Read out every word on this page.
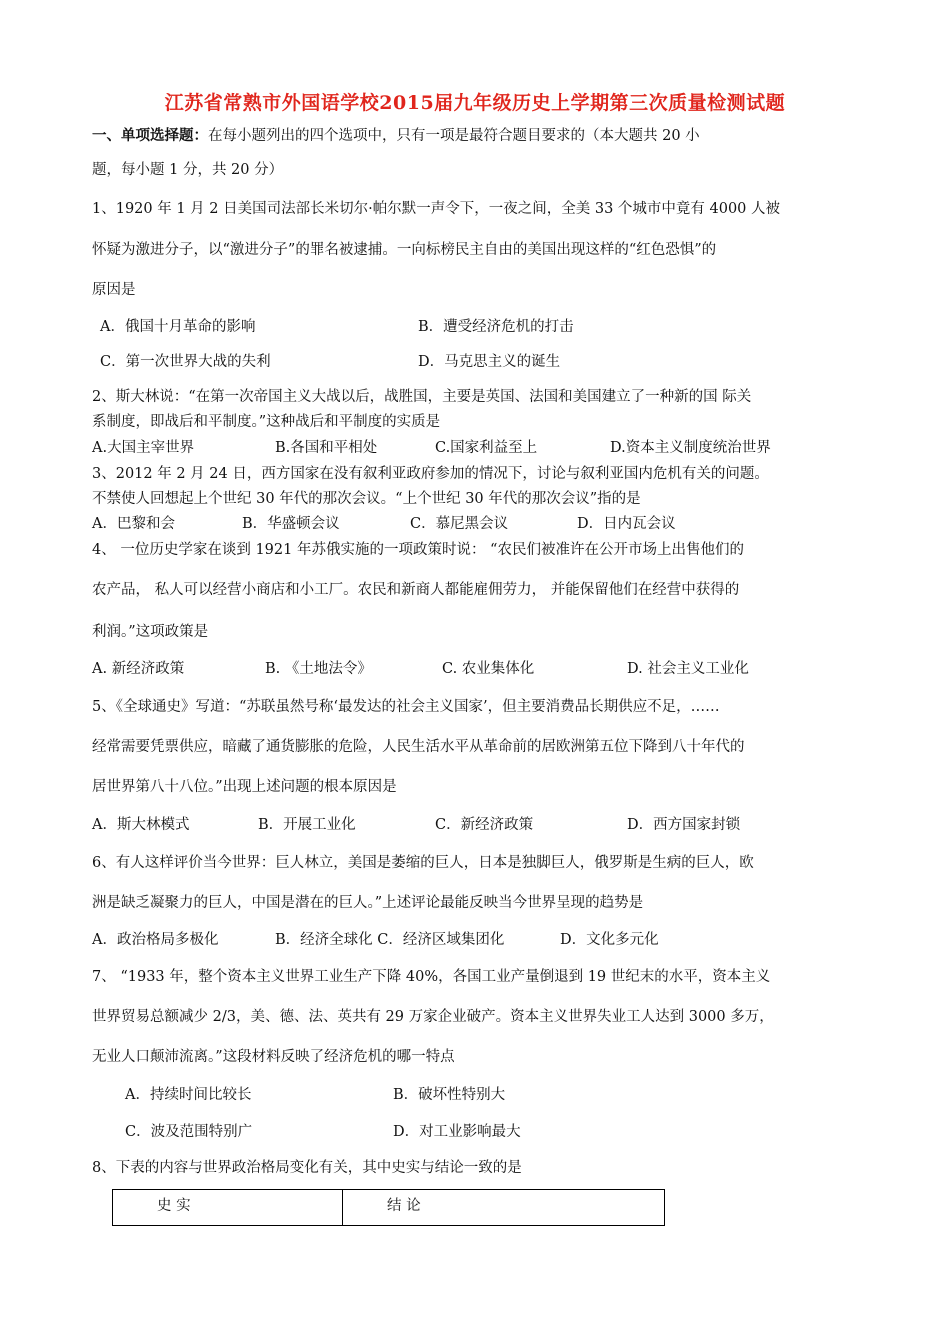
江苏省常熟市外国语学校2015届九年级历史上学期第三次质量检测试题
一、单项选择题：在每小题列出的四个选项中，只有一项是最符合题目要求的（本大题共 20 小
题，每小题 1 分，共 20 分）
1、1920 年 1 月 2 日美国司法部长米切尔·帕尔默一声令下，一夜之间，全美 33 个城市中竟有 4000 人被
怀疑为激进分子，以“激进分子”的罪名被逮捕。一向标榜民主自由的美国出现这样的“红色恐惧”的
原因是
A．俄国十月革命的影响	B．遭受经济危机的打击
C．第一次世界大战的失利	D．马克思主义的诞生
2、斯大林说：“在第一次帝国主义大战以后，战胜国，主要是英国、法国和美国建立了一种新的国 际关
系制度，即战后和平制度。”这种战后和平制度的实质是
A.大国主宰世界	B.各国和平相处	C.国家利益至上	D.资本主义制度统治世界
3、2012 年 2 月 24 日，西方国家在没有叙利亚政府参加的情况下，讨论与叙利亚国内危机有关的问题。
不禁使人回想起上个世纪 30 年代的那次会议。“上个世纪 30 年代的那次会议”指的是
A．巴黎和会	B．华盛顿会议	C．慕尼黑会议	D．日内瓦会议
4、 一位历史学家在谈到 1921 年苏俄实施的一项政策时说： “农民们被准许在公开市场上出售他们的
农产品， 私人可以经营小商店和小工厂。农民和新商人都能雇佣劳力， 并能保留他们在经营中获得的
利润。”这项政策是
A. 新经济政策	B. 《土地法令》	C. 农业集体化	D. 社会主义工业化
5、《全球通史》写道：“苏联虽然号称‘最发达的社会主义国家’，但主要消费品长期供应不足，……
经常需要凭票供应，暗藏了通货膨胀的危险，人民生活水平从革命前的居欧洲第五位下降到八十年代的
居世界第八十八位。”出现上述问题的根本原因是
A．斯大林模式	B．开展工业化	C．新经济政策	D．西方国家封锁
6、有人这样评价当今世界：巨人林立，美国是萎缩的巨人，日本是独脚巨人，俄罗斯是生病的巨人，欧
洲是缺乏凝聚力的巨人，中国是潜在的巨人。”上述评论最能反映当今世界呈现的趋势是
A．政治格局多极化	B．经济全球化 C．经济区域集团化	D．文化多元化
7、 “1933 年，整个资本主义世界工业生产下降 40%，各国工业产量倒退到 19 世纪末的水平，资本主义
世界贸易总额减少 2/3，美、德、法、英共有 29 万家企业破产。资本主义世界失业工人达到 3000 多万，
无业人口颠沛流离。”这段材料反映了经济危机的哪一特点
A．持续时间比较长	B．破坏性特别大
C．波及范围特别广	D．对工业影响最大
8、下表的内容与世界政治格局变化有关，其中史实与结论一致的是
史 实	结 论
